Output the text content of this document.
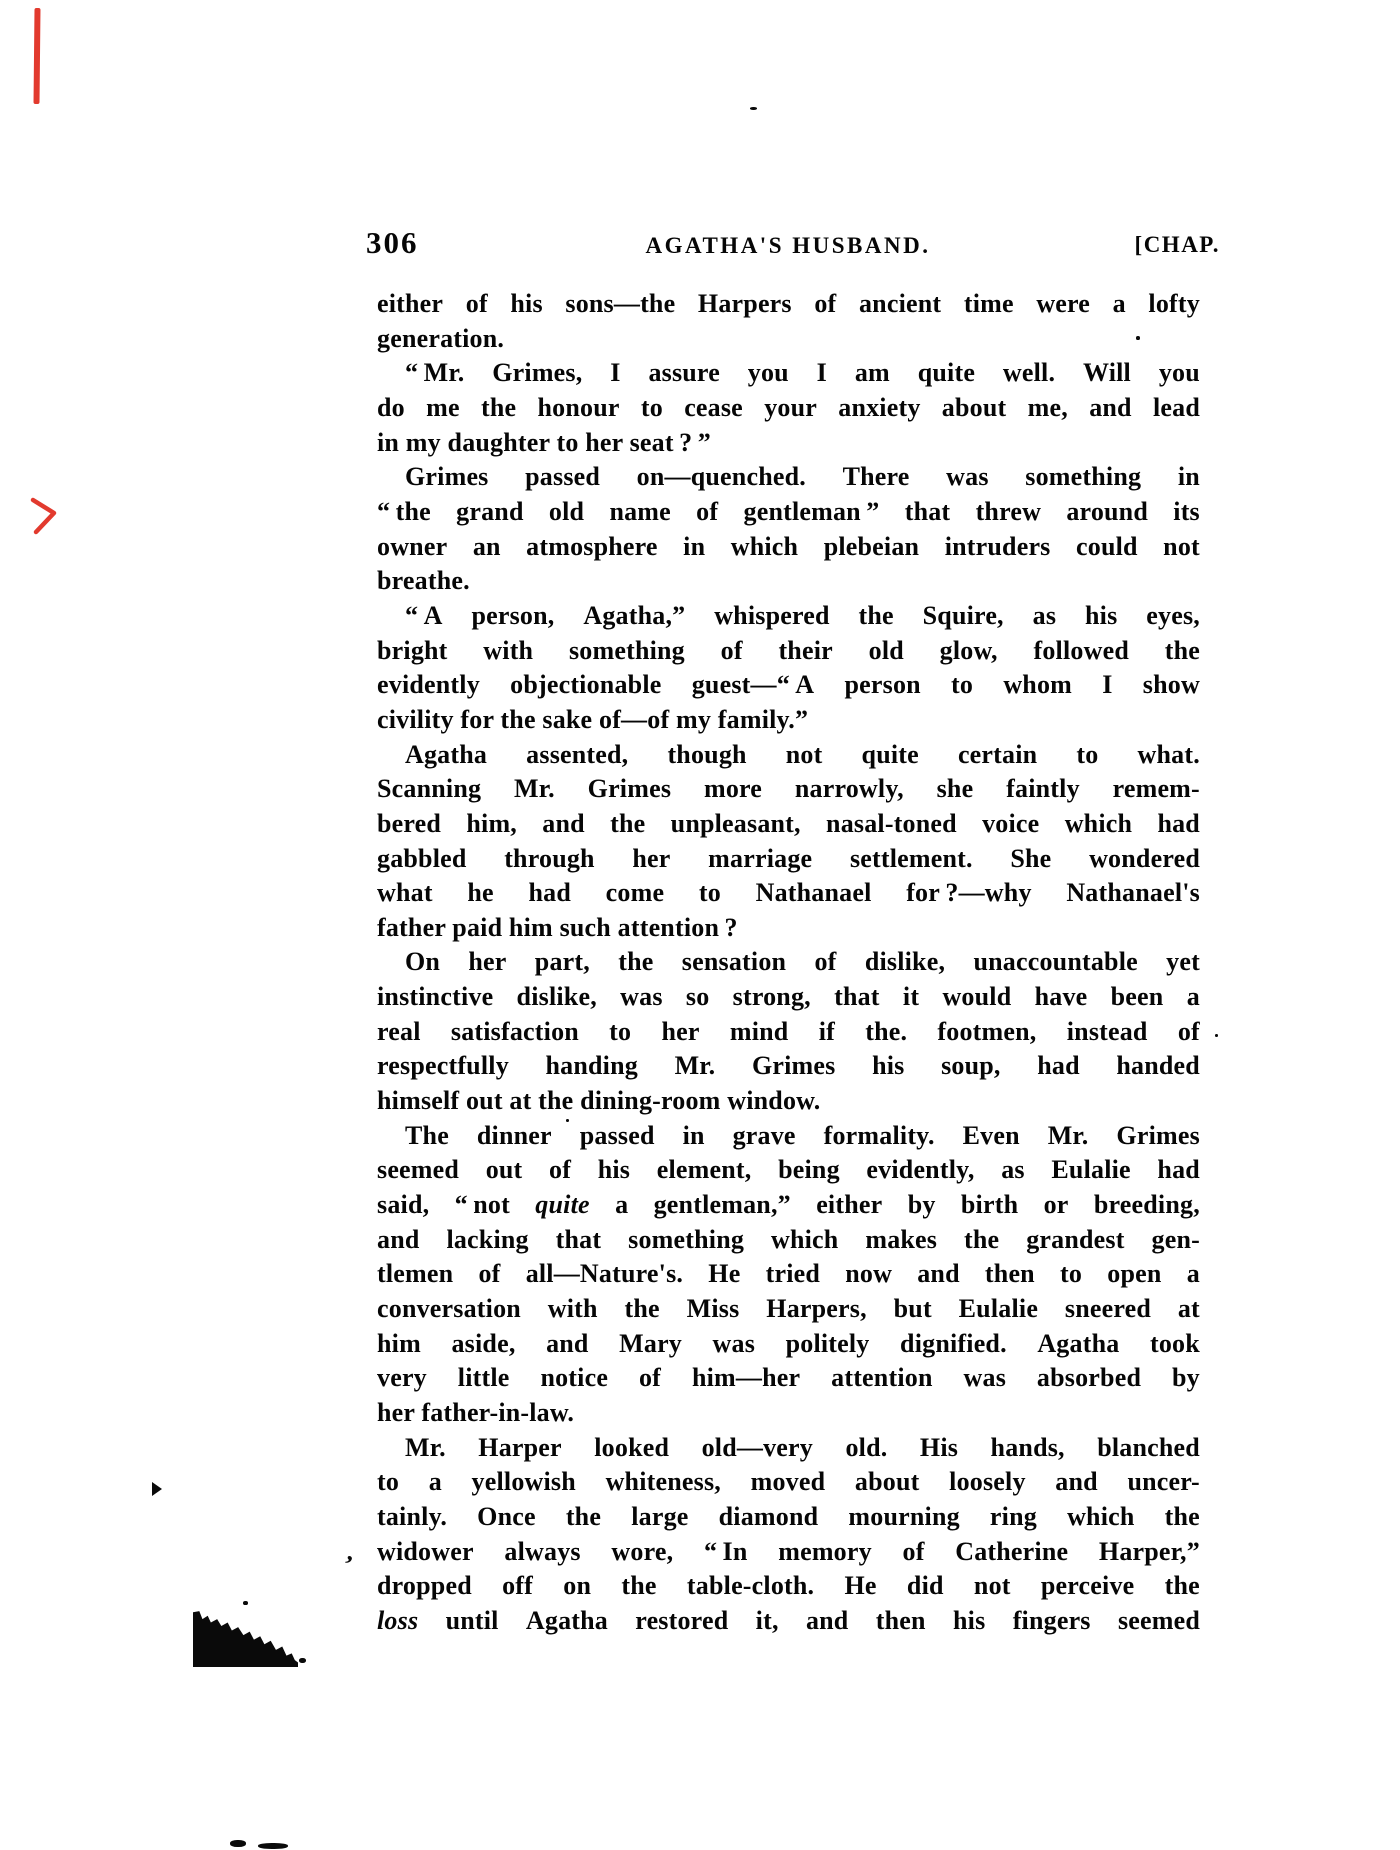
306	AGATHA'S HUSBAND.	[CHAP.
either of his sons—the Harpers of ancient time were a lofty
generation.
“ Mr. Grimes, I assure you I am quite well. Will you
do me the honour to cease your anxiety about me, and lead
in my daughter to her seat ? ”
Grimes passed on—quenched. There was something in
“ the grand old name of gentleman ” that threw around its
owner an atmosphere in which plebeian intruders could not
breathe.
“ A person, Agatha,” whispered the Squire, as his eyes,
bright with something of their old glow, followed the
evidently objectionable guest—“ A person to whom I show
civility for the sake of—of my family.”
Agatha assented, though not quite certain to what.
Scanning Mr. Grimes more narrowly, she faintly remem-
bered him, and the unpleasant, nasal-toned voice which had
gabbled through her marriage settlement. She wondered
what he had come to Nathanael for ?—why Nathanael's
father paid him such attention ?
On her part, the sensation of dislike, unaccountable yet
instinctive dislike, was so strong, that it would have been a
real satisfaction to her mind if the. footmen, instead of
respectfully handing Mr. Grimes his soup, had handed
himself out at the dining-room window.
The dinner passed in grave formality. Even Mr. Grimes
seemed out of his element, being evidently, as Eulalie had
said, “ not quite a gentleman,” either by birth or breeding,
and lacking that something which makes the grandest gen-
tlemen of all—Nature's. He tried now and then to open a
conversation with the Miss Harpers, but Eulalie sneered at
him aside, and Mary was politely dignified. Agatha took
very little notice of him—her attention was absorbed by
her father-in-law.
Mr. Harper looked old—very old. His hands, blanched
to a yellowish whiteness, moved about loosely and uncer-
tainly. Once the large diamond mourning ring which the
widower always wore, “ In memory of Catherine Harper,”
dropped off on the table-cloth. He did not perceive the
loss until Agatha restored it, and then his fingers seemed
’
